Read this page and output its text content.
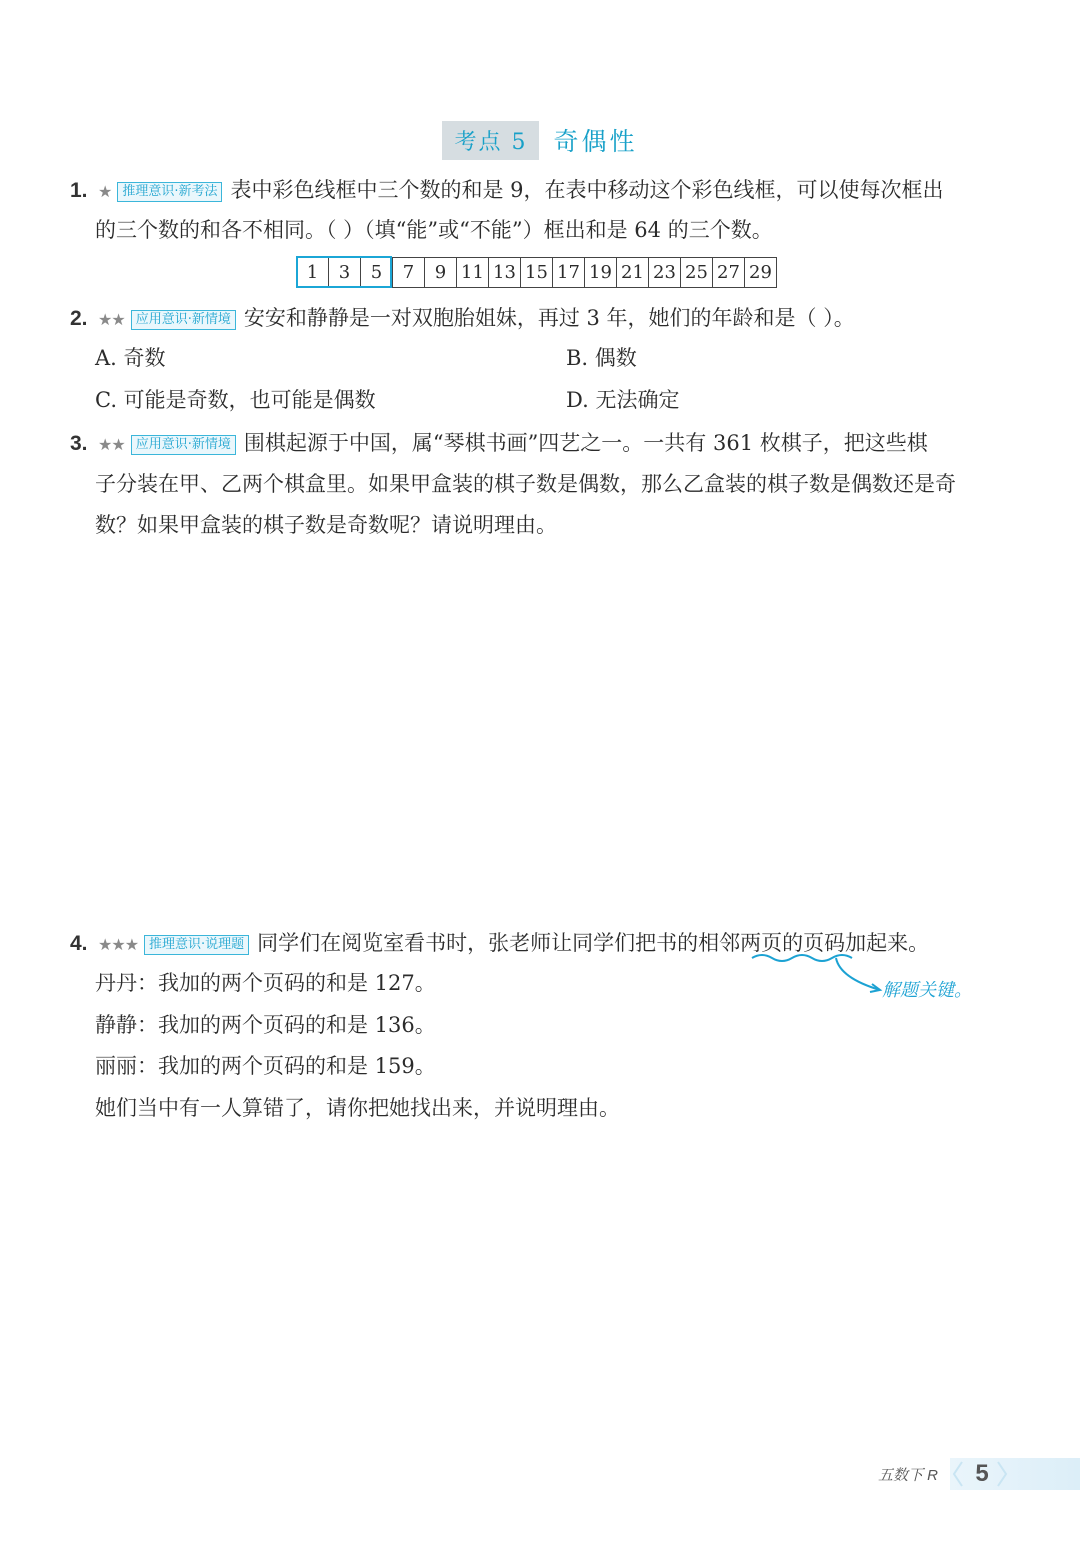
考点 5	奇偶性
1. ★ 推理意识·新考法 表中彩色线框中三个数的和是 9，在表中移动这个彩色线框，可以使每次框出
的三个数的和各不相同。（ ）（填“能”或“不能”）框出和是 64 的三个数。
1	3	5	7	9 11 13 15 17 19 21 23 25 27 29
2. ★★ 应用意识·新情境 安安和静静是一对双胞胎姐妹，再过 3 年，她们的年龄和是（ ）。
A. 奇数	B. 偶数
C. 可能是奇数，也可能是偶数	D. 无法确定
3. ★★ 应用意识·新情境 围棋起源于中国，属“琴棋书画”四艺之一。一共有 361 枚棋子，把这些棋
子分装在甲、乙两个棋盒里。如果甲盒装的棋子数是偶数，那么乙盒装的棋子数是偶数还是奇
数？如果甲盒装的棋子数是奇数呢？请说明理由。
4. ★★★ 推理意识·说理题 同学们在阅览室看书时，张老师让同学们把书的相邻两页的页码加起来。
解题关键。
丹丹：我加的两个页码的和是 127。
静静：我加的两个页码的和是 136。
丽丽：我加的两个页码的和是 159。
她们当中有一人算错了，请你把她找出来，并说明理由。
五数下 R	5
